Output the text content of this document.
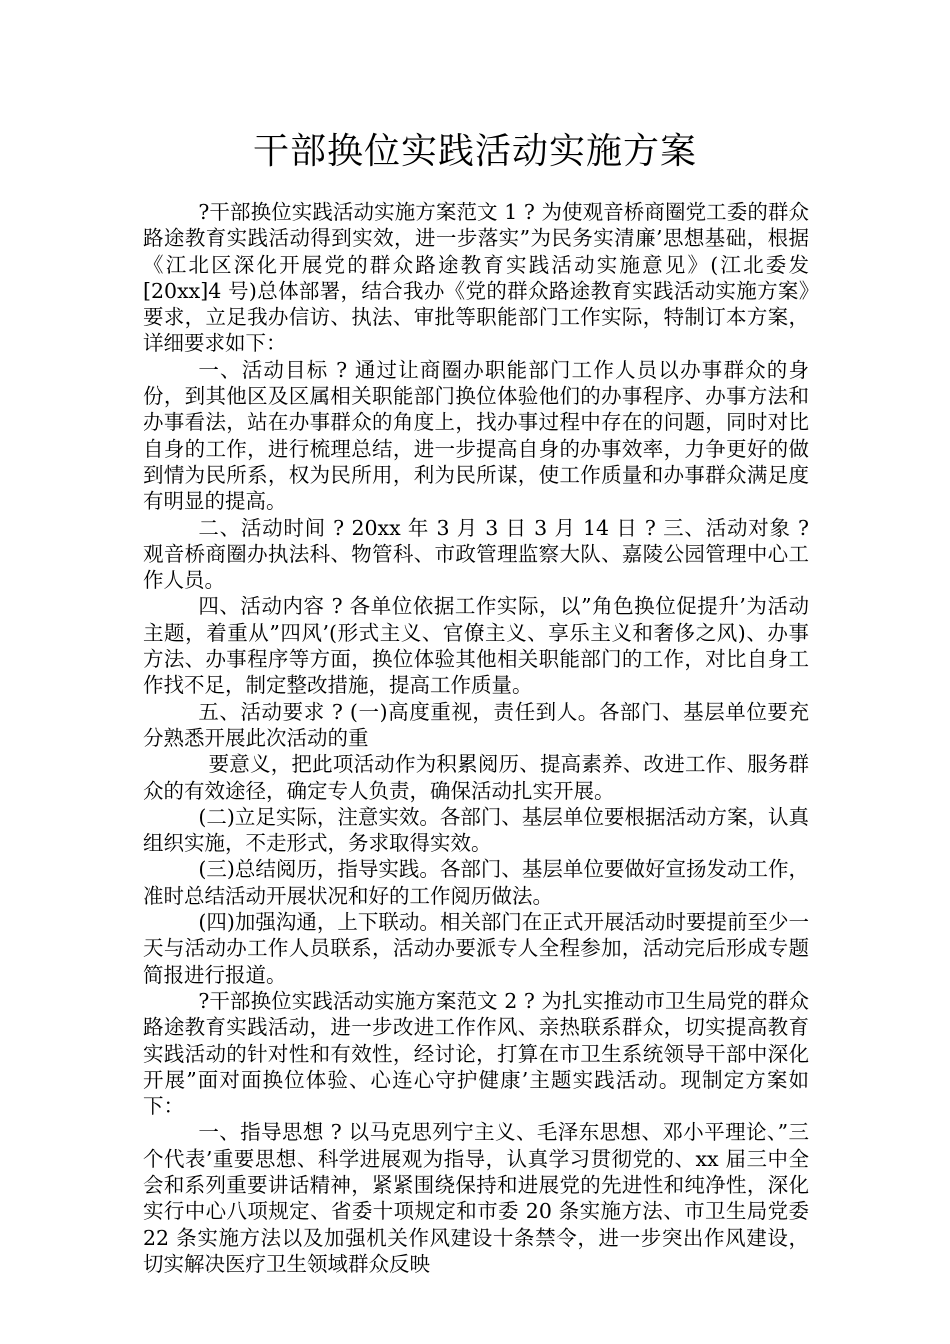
干部换位实践活动实施方案

?干部换位实践活动实施方案范文 1 ? 为使观音桥商圈党工委的群众路途教育实践活动得到实效，进一步落实”为民务实清廉’思想基础，根据《江北区深化开展党的群众路途教育实践活动实施意见》(江北委发[20xx]4 号)总体部署，结合我办《党的群众路途教育实践活动实施方案》要求，立足我办信访、执法、审批等职能部门工作实际，特制订本方案，详细要求如下：

一、活动目标 ? 通过让商圈办职能部门工作人员以办事群众的身份，到其他区及区属相关职能部门换位体验他们的办事程序、办事方法和办事看法，站在办事群众的角度上，找办事过程中存在的问题，同时对比自身的工作，进行梳理总结，进一步提高自身的办事效率，力争更好的做到情为民所系，权为民所用，利为民所谋，使工作质量和办事群众满足度有明显的提高。

二、活动时间 ? 20xx 年 3 月 3 日 3 月 14 日 ? 三、活动对象 ? 观音桥商圈办执法科、物管科、市政管理监察大队、嘉陵公园管理中心工作人员。

四、活动内容 ? 各单位依据工作实际，以”角色换位促提升’为活动主题，着重从”四风’(形式主义、官僚主义、享乐主义和奢侈之风)、办事方法、办事程序等方面，换位体验其他相关职能部门的工作，对比自身工作找不足，制定整改措施，提高工作质量。

五、活动要求 ? (一)高度重视，责任到人。各部门、基层单位要充分熟悉开展此次活动的重

要意义，把此项活动作为积累阅历、提高素养、改进工作、服务群众的有效途径，确定专人负责，确保活动扎实开展。

(二)立足实际，注意实效。各部门、基层单位要根据活动方案，认真组织实施，不走形式，务求取得实效。

(三)总结阅历，指导实践。各部门、基层单位要做好宣扬发动工作，准时总结活动开展状况和好的工作阅历做法。

(四)加强沟通，上下联动。相关部门在正式开展活动时要提前至少一天与活动办工作人员联系，活动办要派专人全程参加，活动完后形成专题简报进行报道。

?干部换位实践活动实施方案范文 2 ? 为扎实推动市卫生局党的群众路途教育实践活动，进一步改进工作作风、亲热联系群众，切实提高教育实践活动的针对性和有效性，经讨论，打算在市卫生系统领导干部中深化开展”面对面换位体验、心连心守护健康’主题实践活动。现制定方案如下：

一、指导思想 ? 以马克思列宁主义、毛泽东思想、邓小平理论、”三个代表’重要思想、科学进展观为指导，认真学习贯彻党的、xx 届三中全会和系列重要讲话精神，紧紧围绕保持和进展党的先进性和纯净性，深化实行中心八项规定、省委十项规定和市委 20 条实施方法、市卫生局党委 22 条实施方法以及加强机关作风建设十条禁令，进一步突出作风建设，切实解决医疗卫生领域群众反映
